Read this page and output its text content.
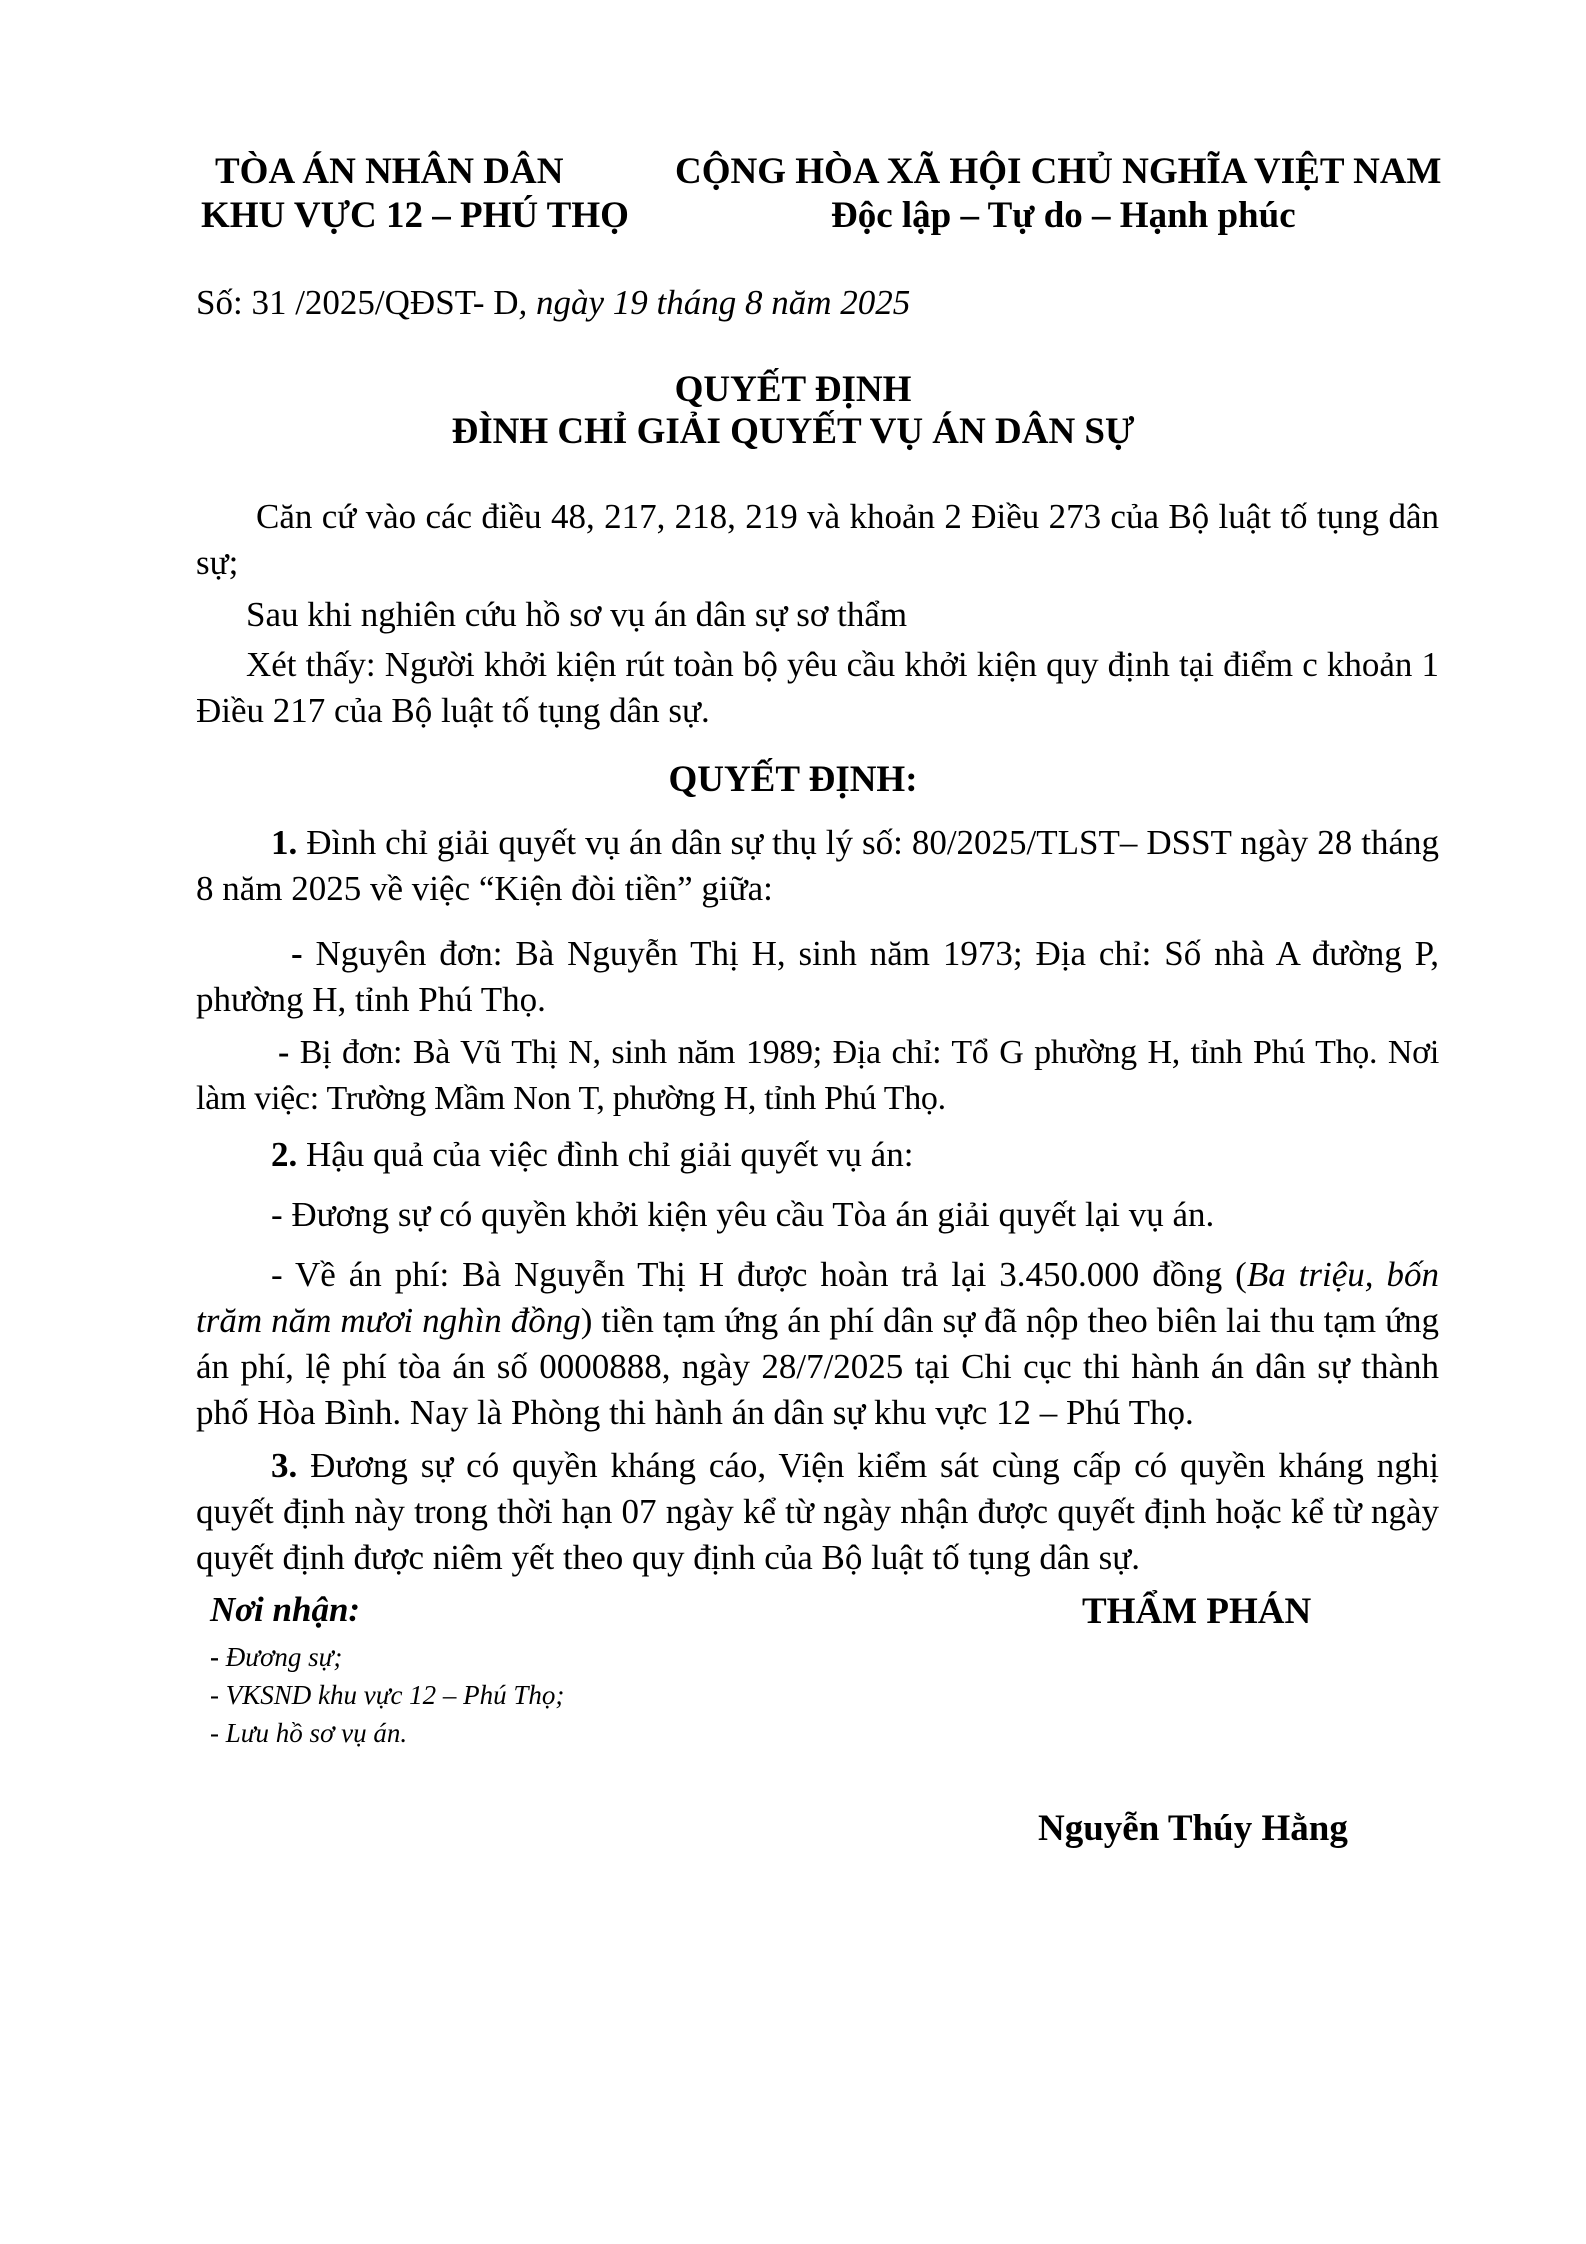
TÒA ÁN NHÂN DÂN
KHU VỰC 12 – PHÚ THỌ
CỘNG HÒA XÃ HỘI CHỦ NGHĨA VIỆT NAM
Độc lập – Tự do – Hạnh phúc
Số: 31 /2025/QĐST- D, ngày 19 tháng 8 năm 2025
QUYẾT ĐỊNH
ĐÌNH CHỈ GIẢI QUYẾT VỤ ÁN DÂN SỰ

Căn cứ vào các điều 48, 217, 218, 219 và khoản 2 Điều 273 của Bộ luật tố tụng dân sự;

Sau khi nghiên cứu hồ sơ vụ án dân sự sơ thẩm

Xét thấy: Người khởi kiện rút toàn bộ yêu cầu khởi kiện quy định tại điểm c khoản 1 Điều 217 của Bộ luật tố tụng dân sự.

QUYẾT ĐỊNH:

1. Đình chỉ giải quyết vụ án dân sự thụ lý số: 80/2025/TLST– DSST ngày 28 tháng 8 năm 2025 về việc “Kiện đòi tiền” giữa:

- Nguyên đơn: Bà Nguyễn Thị H, sinh năm 1973; Địa chỉ: Số nhà A đường P, phường H, tỉnh Phú Thọ.

- Bị đơn: Bà Vũ Thị N, sinh năm 1989; Địa chỉ: Tổ G phường H, tỉnh Phú Thọ. Nơi làm việc: Trường Mầm Non T, phường H, tỉnh Phú Thọ.

2. Hậu quả của việc đình chỉ giải quyết vụ án:

- Đương sự có quyền khởi kiện yêu cầu Tòa án giải quyết lại vụ án.

- Về án phí: Bà Nguyễn Thị H được hoàn trả lại 3.450.000 đồng (Ba triệu, bốn trăm năm mươi nghìn đồng) tiền tạm ứng án phí dân sự đã nộp theo biên lai thu tạm ứng án phí, lệ phí tòa án số 0000888, ngày 28/7/2025 tại Chi cục thi hành án dân sự thành phố Hòa Bình. Nay là Phòng thi hành án dân sự khu vực 12 – Phú Thọ.

3. Đương sự có quyền kháng cáo, Viện kiểm sát cùng cấp có quyền kháng nghị quyết định này trong thời hạn 07 ngày kể từ ngày nhận được quyết định hoặc kể từ ngày quyết định được niêm yết theo quy định của Bộ luật tố tụng dân sự.

Nơi nhận:
- Đương sự;
- VKSND khu vực 12 – Phú Thọ;
- Lưu hồ sơ vụ án.
THẨM PHÁN
Nguyễn Thúy Hằng
